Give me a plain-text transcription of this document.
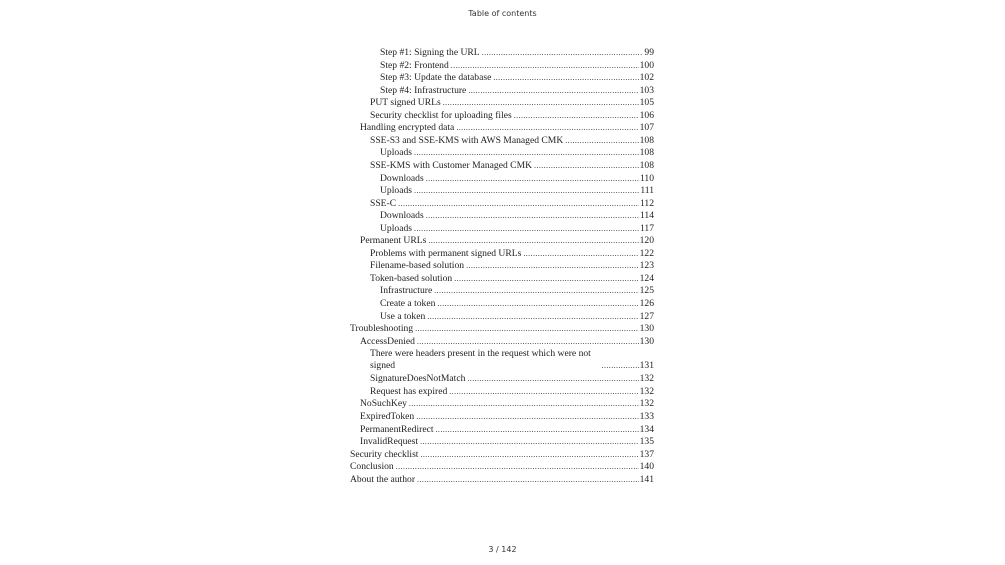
Table of contents
Step #1: Signing the URL .....	99
Step #2: Frontend .....	100
Step #3: Update the database .....	102
Step #4: Infrastructure .....	103
PUT signed URLs .....	105
Security checklist for uploading files .....	106
Handling encrypted data .....	107
SSE-S3 and SSE-KMS with AWS Managed CMK .....	108
Uploads .....	108
SSE-KMS with Customer Managed CMK .....	108
Downloads .....	110
Uploads .....	111
SSE-C .....	112
Downloads .....	114
Uploads .....	117
Permanent URLs .....	120
Problems with permanent signed URLs .....	122
Filename-based solution .....	123
Token-based solution .....	124
Infrastructure .....	125
Create a token .....	126
Use a token .....	127
Troubleshooting .....	130
AccessDenied .....	130
There were headers present in the request which were not
signed .....	131
SignatureDoesNotMatch .....	132
Request has expired .....	132
NoSuchKey .....	132
ExpiredToken .....	133
PermanentRedirect .....	134
InvalidRequest .....	135
Security checklist .....	137
Conclusion .....	140
About the author .....	141
3 / 142
